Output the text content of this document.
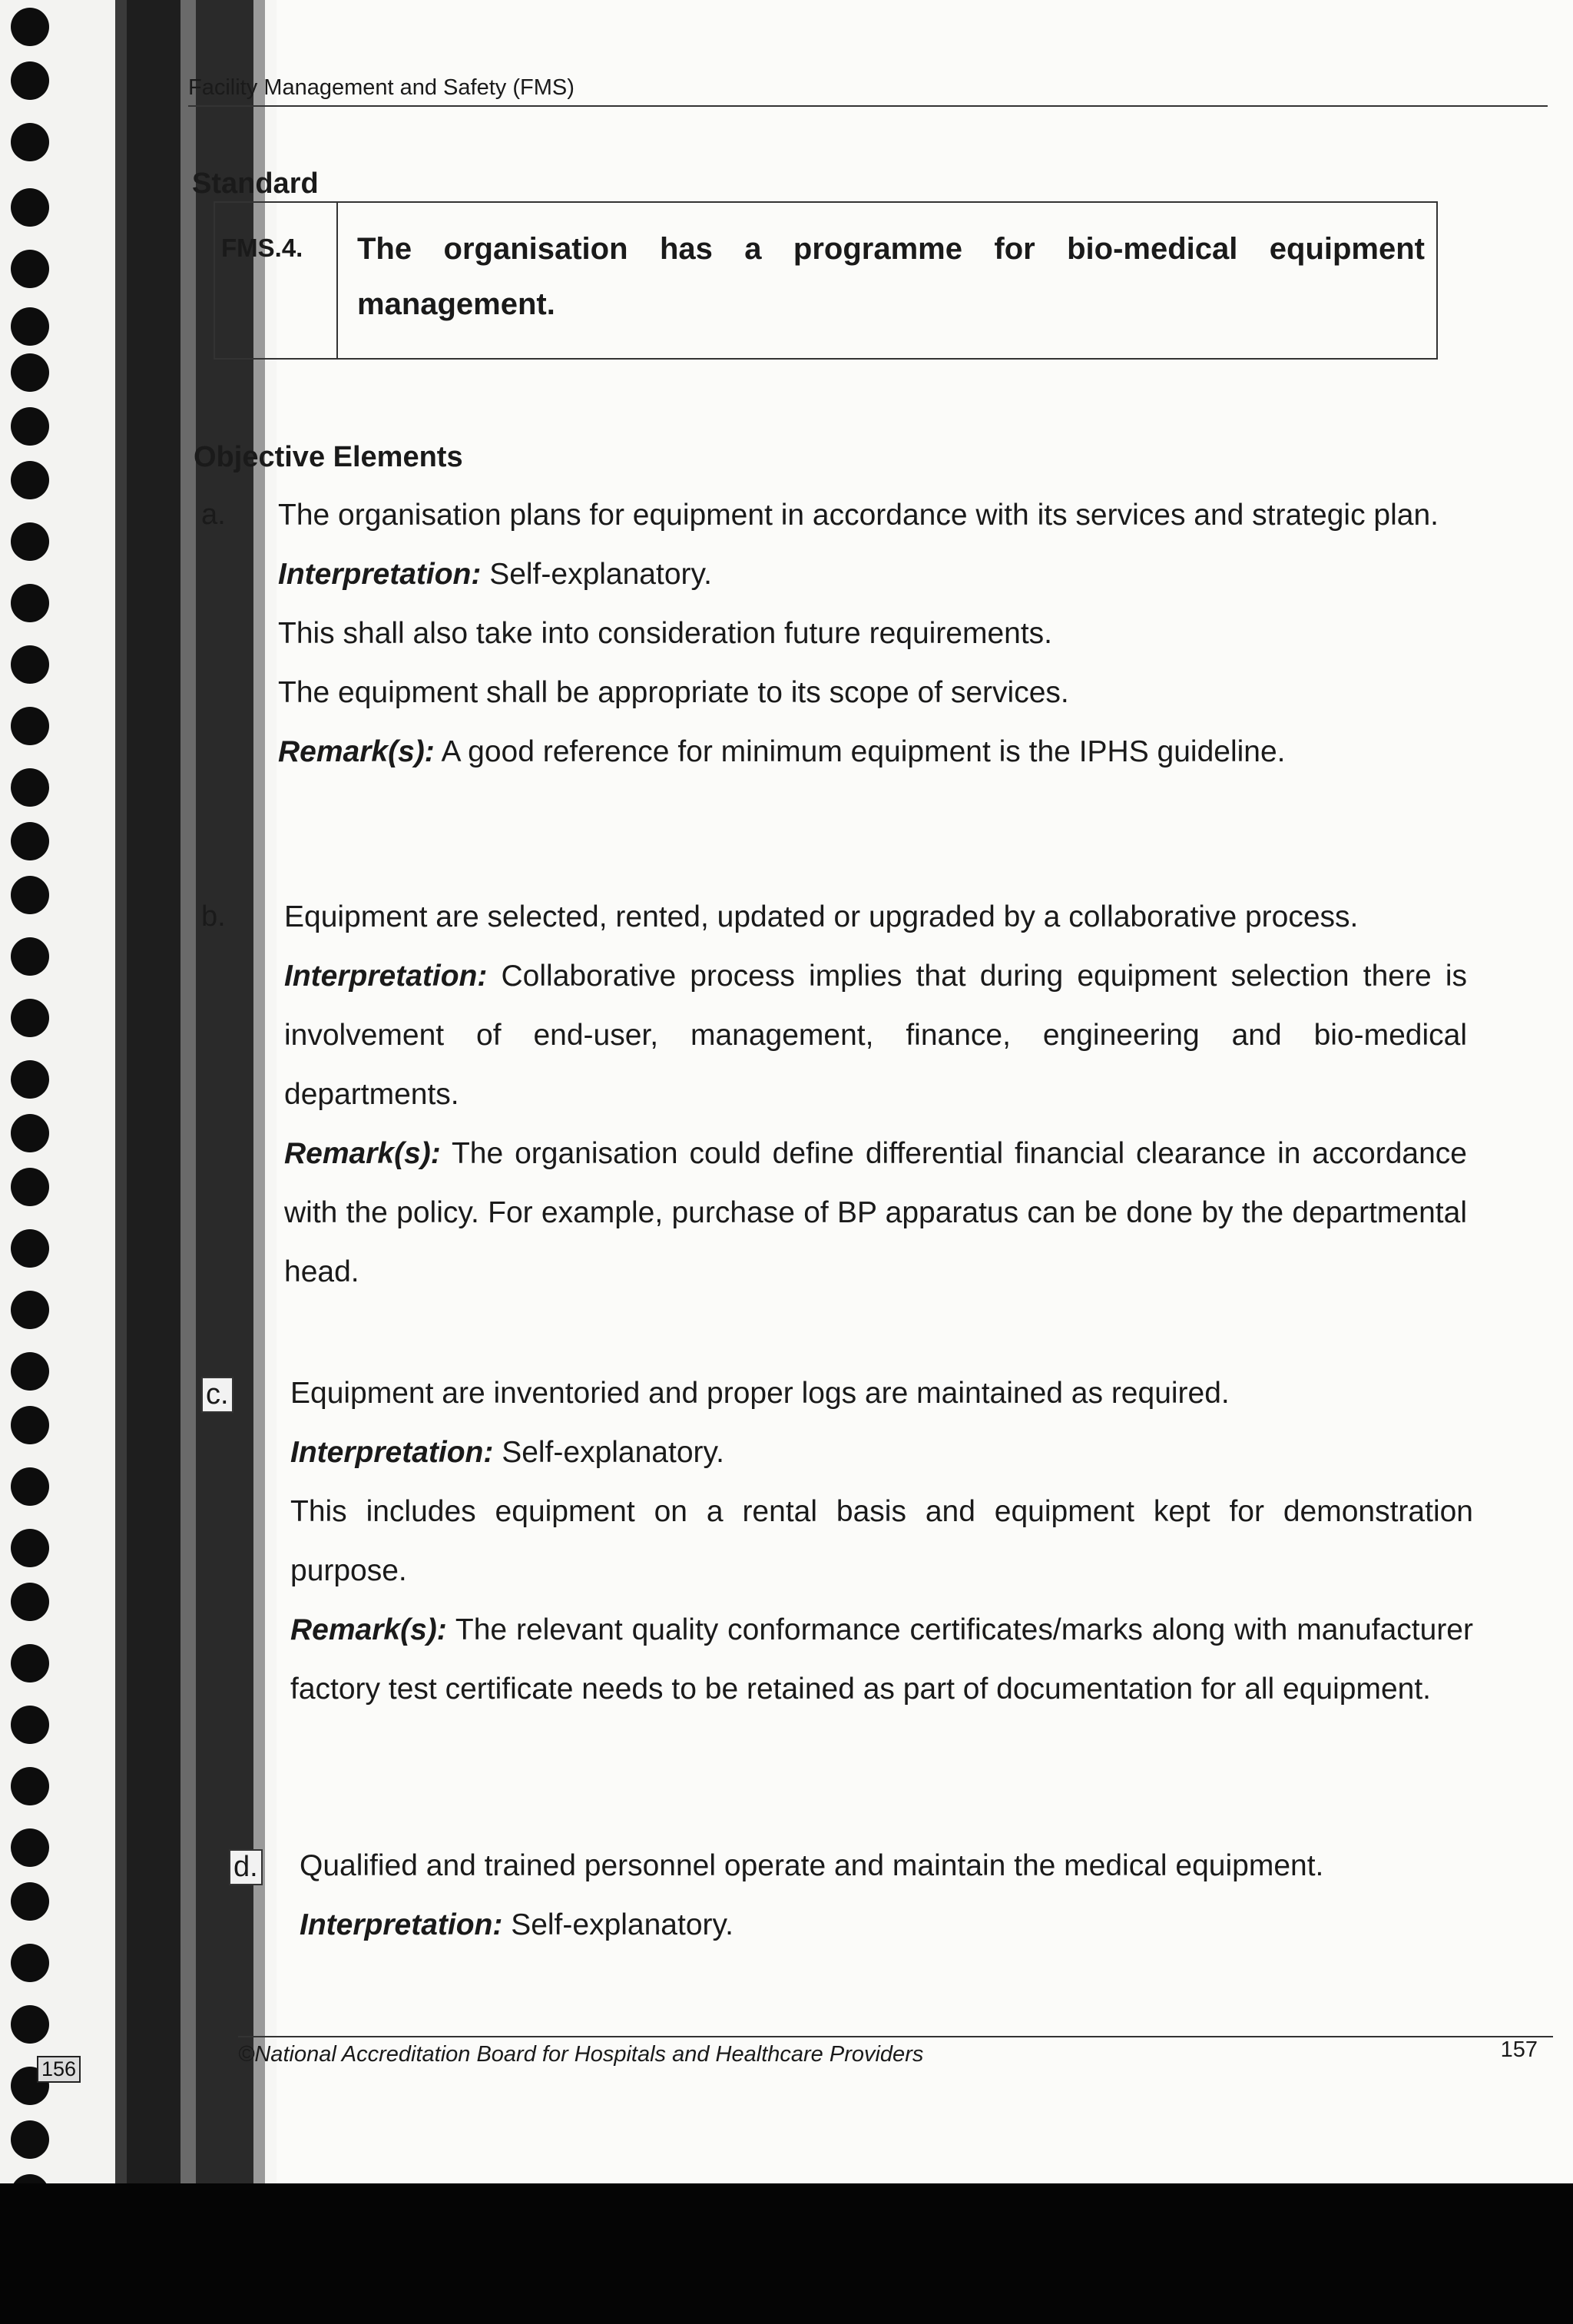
Facility Management and Safety (FMS)
Standard
FMS.4.	The organisation has a programme for bio-medical equipment management.
Objective Elements
a. The organisation plans for equipment in accordance with its services and strategic plan.

Interpretation: Self-explanatory.

This shall also take into consideration future requirements.

The equipment shall be appropriate to its scope of services.

Remark(s): A good reference for minimum equipment is the IPHS guideline.

b. Equipment are selected, rented, updated or upgraded by a collaborative process.

Interpretation: Collaborative process implies that during equipment selection there is involvement of end-user, management, finance, engineering and bio-medical departments.

Remark(s): The organisation could define differential financial clearance in accordance with the policy. For example, purchase of BP apparatus can be done by the departmental head.

c. Equipment are inventoried and proper logs are maintained as required.

Interpretation: Self-explanatory.

This includes equipment on a rental basis and equipment kept for demonstration purpose.

Remark(s): The relevant quality conformance certificates/marks along with manufacturer factory test certificate needs to be retained as part of documentation for all equipment.

d. Qualified and trained personnel operate and maintain the medical equipment.

Interpretation: Self-explanatory.

©National Accreditation Board for Hospitals and Healthcare Providers	157
156
